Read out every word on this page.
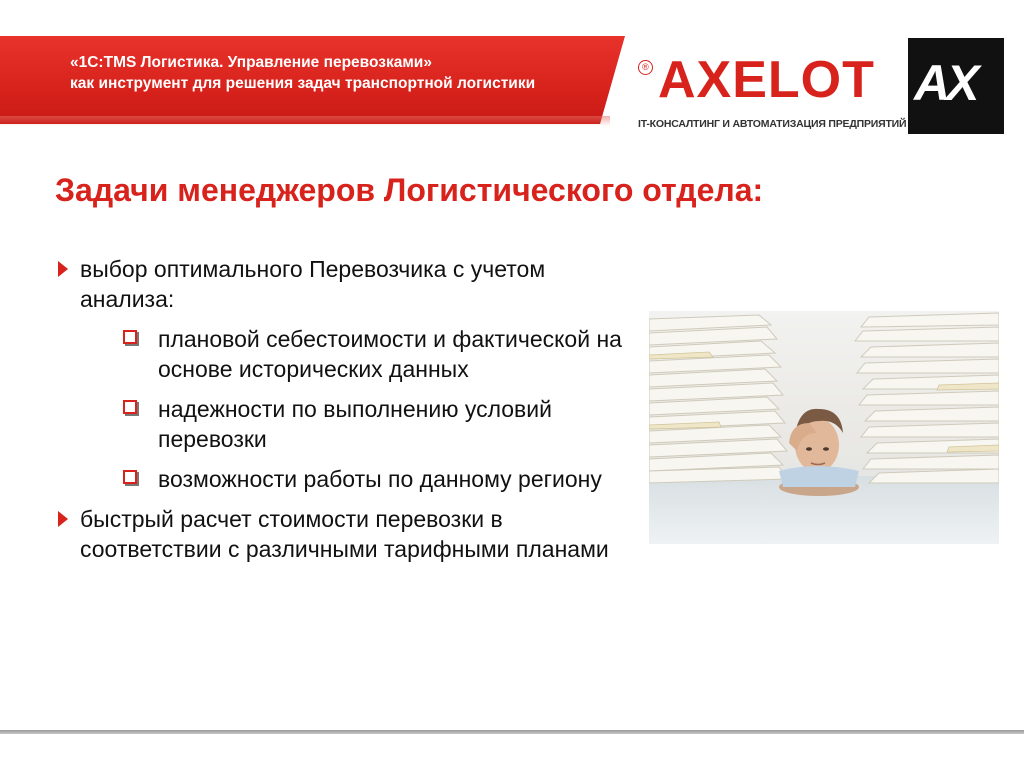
«1С:TMS Логистика. Управление перевозками»
как инструмент для решения задач транспортной логистики
® AXELOT
IT-КОНСАЛТИНГ И АВТОМАТИЗАЦИЯ ПРЕДПРИЯТИЙ
AX
Задачи менеджеров Логистического отдела:
выбор оптимального Перевозчика с учетом анализа:
плановой себестоимости и фактической на основе исторических данных
надежности по выполнению условий перевозки
возможности работы по данному региону
быстрый расчет стоимости перевозки в соответствии с различными тарифными планами
